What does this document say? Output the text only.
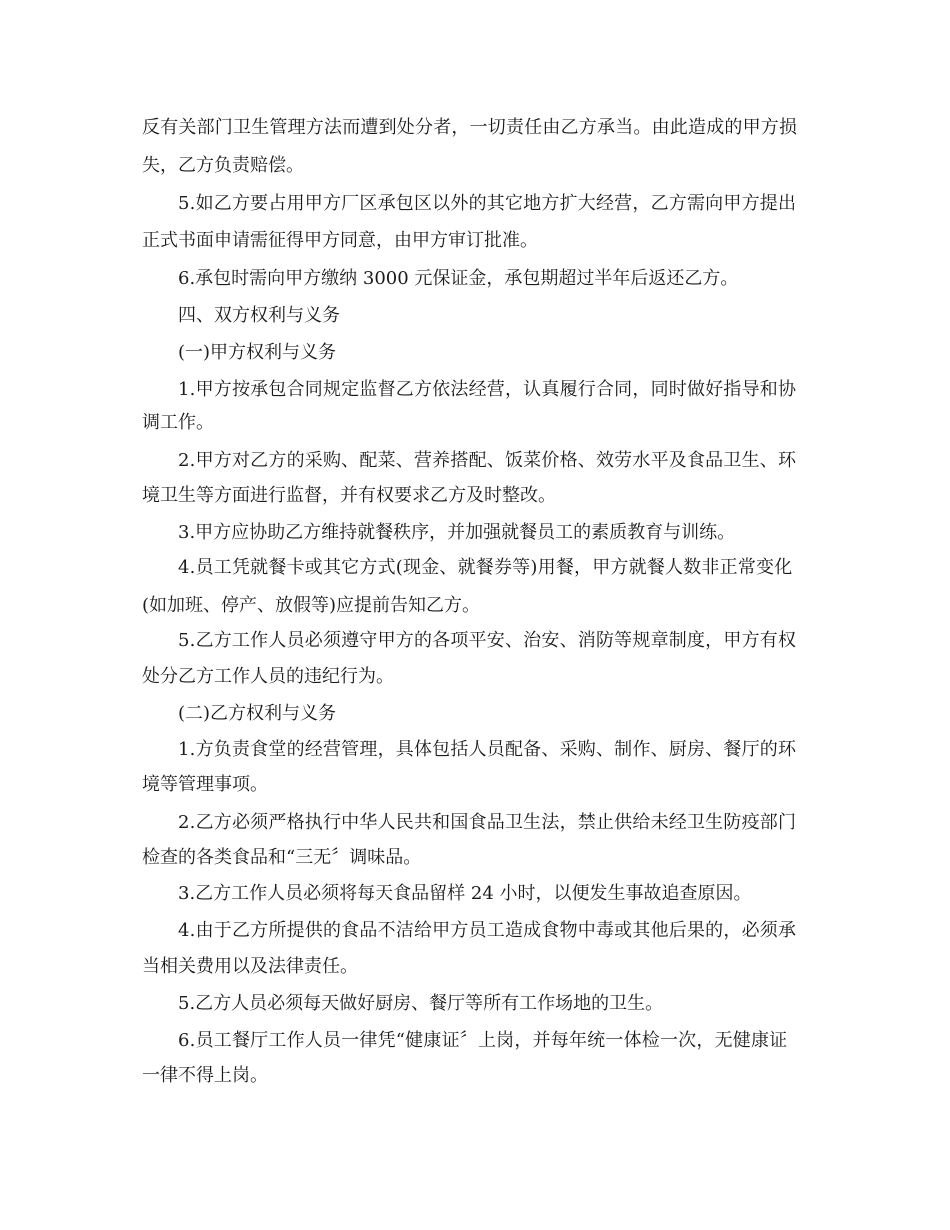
反有关部门卫生管理方法而遭到处分者，一切责任由乙方承当。由此造成的甲方损

失，乙方负责赔偿。

5.如乙方要占用甲方厂区承包区以外的其它地方扩大经营，乙方需向甲方提出

正式书面申请需征得甲方同意，由甲方审订批准。

6.承包时需向甲方缴纳 3000 元保证金，承包期超过半年后返还乙方。

四、双方权利与义务

(一)甲方权利与义务

1.甲方按承包合同规定监督乙方依法经营，认真履行合同，同时做好指导和协

调工作。

2.甲方对乙方的采购、配菜、营养搭配、饭菜价格、效劳水平及食品卫生、环

境卫生等方面进行监督，并有权要求乙方及时整改。

3.甲方应协助乙方维持就餐秩序，并加强就餐员工的素质教育与训练。

4.员工凭就餐卡或其它方式(现金、就餐券等)用餐，甲方就餐人数非正常变化

(如加班、停产、放假等)应提前告知乙方。

5.乙方工作人员必须遵守甲方的各项平安、治安、消防等规章制度，甲方有权

处分乙方工作人员的违纪行为。

(二)乙方权利与义务

1.方负责食堂的经营管理，具体包括人员配备、采购、制作、厨房、餐厅的环

境等管理事项。

2.乙方必须严格执行中华人民共和国食品卫生法，禁止供给未经卫生防疫部门

检查的各类食品和“三无〞调味品。

3.乙方工作人员必须将每天食品留样 24 小时，以便发生事故追查原因。

4.由于乙方所提供的食品不洁给甲方员工造成食物中毒或其他后果的，必须承

当相关费用以及法律责任。

5.乙方人员必须每天做好厨房、餐厅等所有工作场地的卫生。

6.员工餐厅工作人员一律凭“健康证〞上岗，并每年统一体检一次，无健康证

一律不得上岗。
